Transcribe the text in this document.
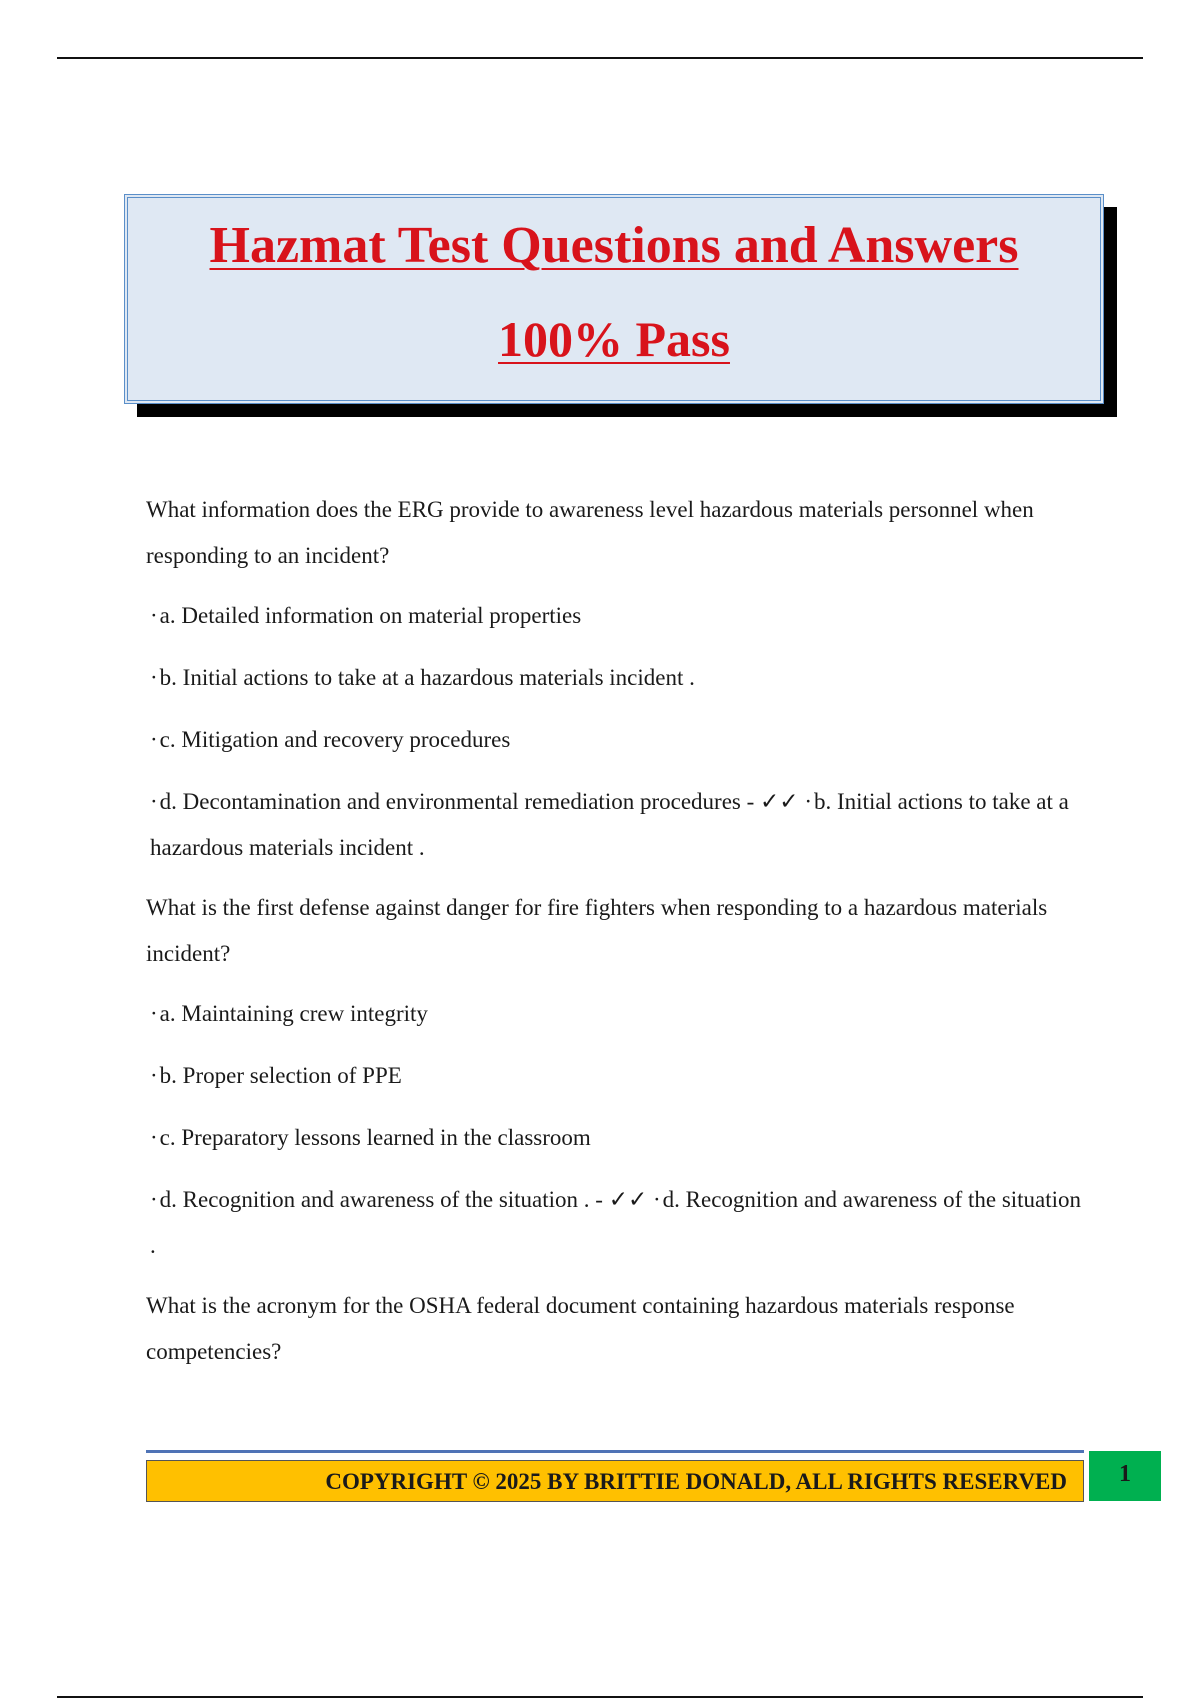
Hazmat Test Questions and Answers
100% Pass

What information does the ERG provide to awareness level hazardous materials personnel when responding to an incident?

·a. Detailed information on material properties

·b. Initial actions to take at a hazardous materials incident .

·c. Mitigation and recovery procedures

·d. Decontamination and environmental remediation procedures - ✓✓ ·b. Initial actions to take at a hazardous materials incident .

What is the first defense against danger for fire fighters when responding to a hazardous materials incident?

·a. Maintaining crew integrity

·b. Proper selection of PPE

·c. Preparatory lessons learned in the classroom

·d. Recognition and awareness of the situation . - ✓✓ ·d. Recognition and awareness of the situation .

What is the acronym for the OSHA federal document containing hazardous materials response competencies?

COPYRIGHT © 2025 BY BRITTIE DONALD, ALL RIGHTS RESERVED	1
